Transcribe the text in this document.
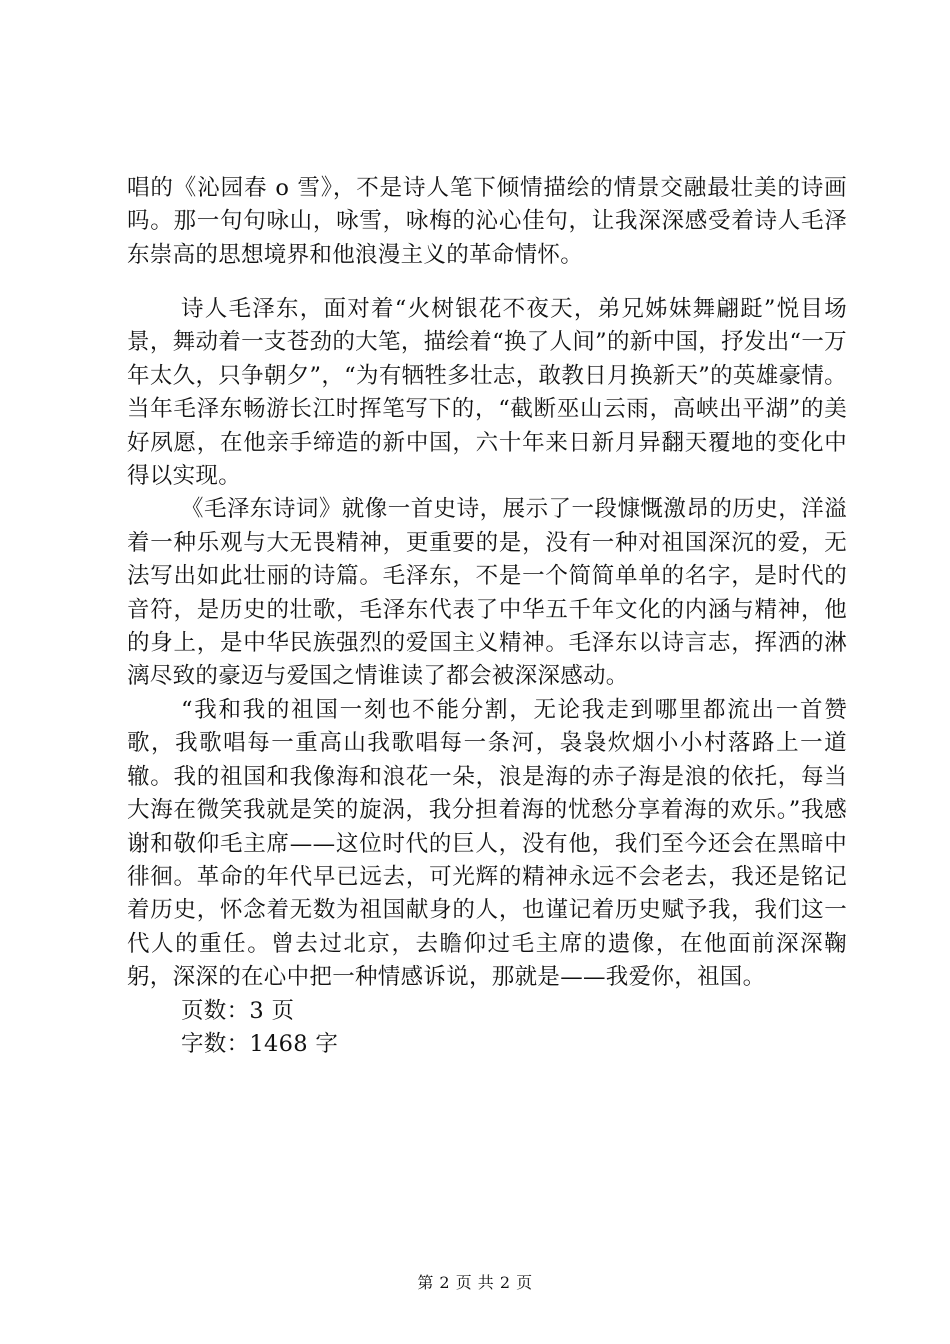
唱的《沁园春 o 雪》，不是诗人笔下倾情描绘的情景交融最壮美的诗画吗。那一句句咏山，咏雪，咏梅的沁心佳句，让我深深感受着诗人毛泽东崇高的思想境界和他浪漫主义的革命情怀。

诗人毛泽东，面对着“火树银花不夜天，弟兄姊妹舞翩跹”悦目场景，舞动着一支苍劲的大笔，描绘着“换了人间”的新中国，抒发出“一万年太久，只争朝夕”，“为有牺牲多壮志，敢教日月换新天”的英雄豪情。当年毛泽东畅游长江时挥笔写下的，“截断巫山云雨，高峡出平湖”的美好夙愿，在他亲手缔造的新中国，六十年来日新月异翻天覆地的变化中得以实现。

《毛泽东诗词》就像一首史诗，展示了一段慷慨激昂的历史，洋溢着一种乐观与大无畏精神，更重要的是，没有一种对祖国深沉的爱，无法写出如此壮丽的诗篇。毛泽东，不是一个简简单单的名字，是时代的音符，是历史的壮歌，毛泽东代表了中华五千年文化的内涵与精神，他的身上，是中华民族强烈的爱国主义精神。毛泽东以诗言志，挥洒的淋漓尽致的豪迈与爱国之情谁读了都会被深深感动。

“我和我的祖国一刻也不能分割，无论我走到哪里都流出一首赞歌，我歌唱每一重高山我歌唱每一条河，袅袅炊烟小小村落路上一道辙。我的祖国和我像海和浪花一朵，浪是海的赤子海是浪的依托，每当大海在微笑我就是笑的旋涡，我分担着海的忧愁分享着海的欢乐。”我感谢和敬仰毛主席——这位时代的巨人，没有他，我们至今还会在黑暗中徘徊。革命的年代早已远去，可光辉的精神永远不会老去，我还是铭记着历史，怀念着无数为祖国献身的人，也谨记着历史赋予我，我们这一代人的重任。曾去过北京，去瞻仰过毛主席的遗像，在他面前深深鞠躬，深深的在心中把一种情感诉说，那就是——我爱你，祖国。

页数：3 页

字数：1468 字

第 2 页 共 2 页
